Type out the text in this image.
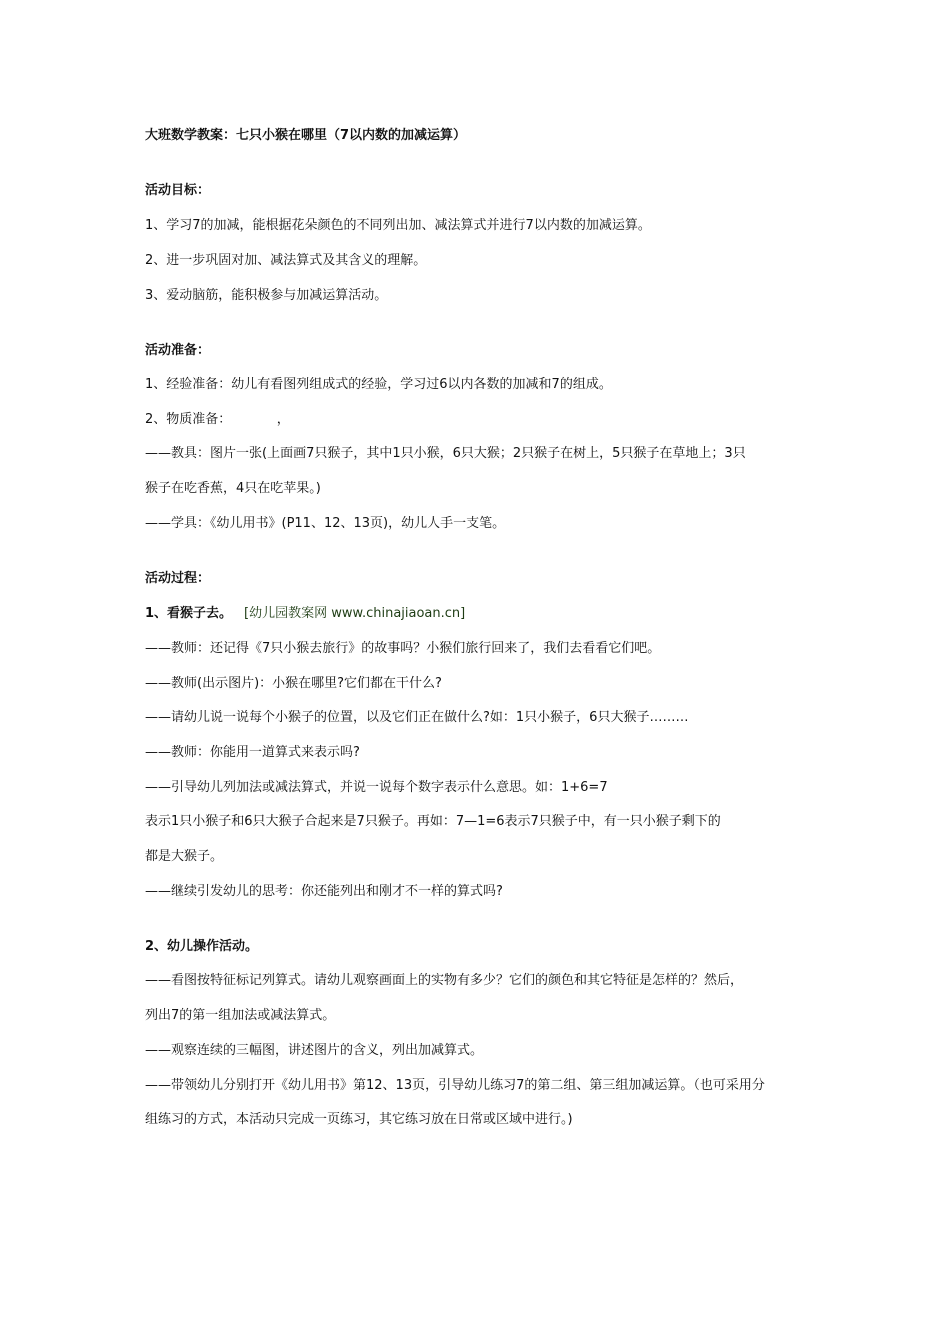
大班数学教案：七只小猴在哪里（7以内数的加减运算）
活动目标：
1、学习7的加减，能根据花朵颜色的不同列出加、减法算式并进行7以内数的加减运算。
2、进一步巩固对加、减法算式及其含义的理解。
3、爱动脑筋，能积极参与加减运算活动。
活动准备：
1、经验准备：幼儿有看图列组成式的经验，学习过6以内各数的加减和7的组成。
2、物质准备：　　　　，
——教具：图片一张(上面画7只猴子，其中1只小猴，6只大猴；2只猴子在树上，5只猴子在草地上；3只
猴子在吃香蕉，4只在吃苹果。)
——学具：《幼儿用书》(P11、12、13页)，幼儿人手一支笔。
活动过程：
1、看猴子去。 [幼儿园教案网 www.chinajiaoan.cn]
——教师：还记得《7只小猴去旅行》的故事吗？小猴们旅行回来了，我们去看看它们吧。
——教师(出示图片)：小猴在哪里?它们都在干什么?
——请幼儿说一说每个小猴子的位置，以及它们正在做什么?如：1只小猴子，6只大猴子………
——教师：你能用一道算式来表示吗?
——引导幼儿列加法或减法算式，并说一说每个数字表示什么意思。如：1+6=7
表示1只小猴子和6只大猴子合起来是7只猴子。再如：7—1=6表示7只猴子中，有一只小猴子剩下的
都是大猴子。
——继续引发幼儿的思考：你还能列出和刚才不一样的算式吗?
2、幼儿操作活动。
——看图按特征标记列算式。请幼儿观察画面上的实物有多少？它们的颜色和其它特征是怎样的？然后，
列出7的第一组加法或减法算式。
——观察连续的三幅图，讲述图片的含义，列出加减算式。
——带领幼儿分别打开《幼儿用书》第12、13页，引导幼儿练习7的第二组、第三组加减运算。（也可采用分
组练习的方式，本活动只完成一页练习，其它练习放在日常或区域中进行。)
